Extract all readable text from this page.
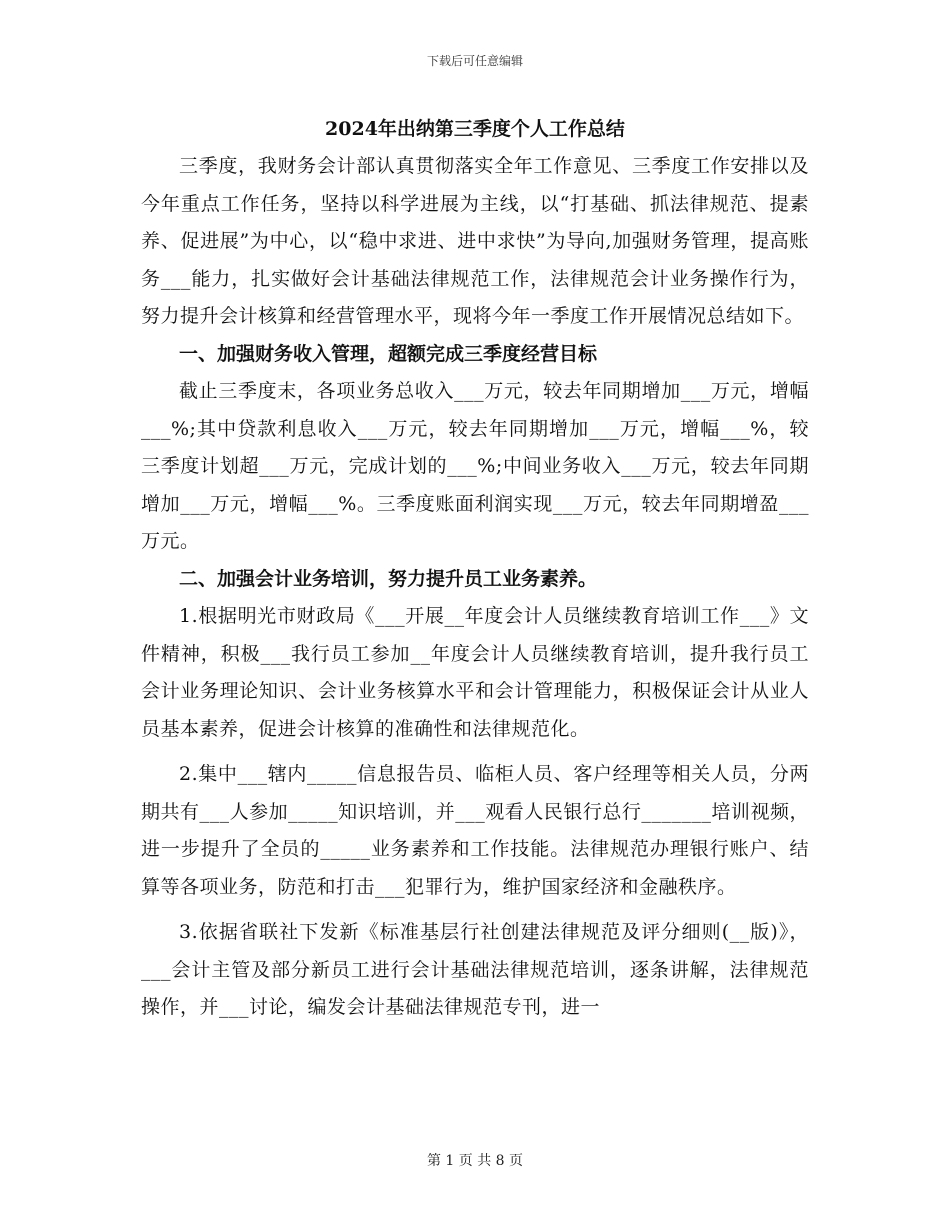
下载后可任意编辑
2024年出纳第三季度个人工作总结

三季度，我财务会计部认真贯彻落实全年工作意见、三季度工作安排以及今年重点工作任务，坚持以科学进展为主线，以“打基础、抓法律规范、提素养、促进展”为中心，以“稳中求进、进中求快”为导向,加强财务管理，提高账务___能力，扎实做好会计基础法律规范工作，法律规范会计业务操作行为，努力提升会计核算和经营管理水平，现将今年一季度工作开展情况总结如下。

一、加强财务收入管理，超额完成三季度经营目标

截止三季度末，各项业务总收入___万元，较去年同期增加___万元，增幅___%;其中贷款利息收入___万元，较去年同期增加___万元，增幅___%，较三季度计划超___万元，完成计划的___%;中间业务收入___万元，较去年同期增加___万元，增幅___%。三季度账面利润实现___万元，较去年同期增盈___万元。

二、加强会计业务培训，努力提升员工业务素养。

1.根据明光市财政局《___开展__年度会计人员继续教育培训工作___》文件精神，积极___我行员工参加__年度会计人员继续教育培训，提升我行员工会计业务理论知识、会计业务核算水平和会计管理能力，积极保证会计从业人员基本素养，促进会计核算的准确性和法律规范化。

2.集中___辖内_____信息报告员、临柜人员、客户经理等相关人员，分两期共有___人参加_____知识培训，并___观看人民银行总行_______培训视频，进一步提升了全员的_____业务素养和工作技能。法律规范办理银行账户、结算等各项业务，防范和打击___犯罪行为，维护国家经济和金融秩序。

3.依据省联社下发新《标准基层行社创建法律规范及评分细则(__版)》，___会计主管及部分新员工进行会计基础法律规范培训，逐条讲解，法律规范操作，并___讨论，编发会计基础法律规范专刊，进一

第 1 页 共 8 页
